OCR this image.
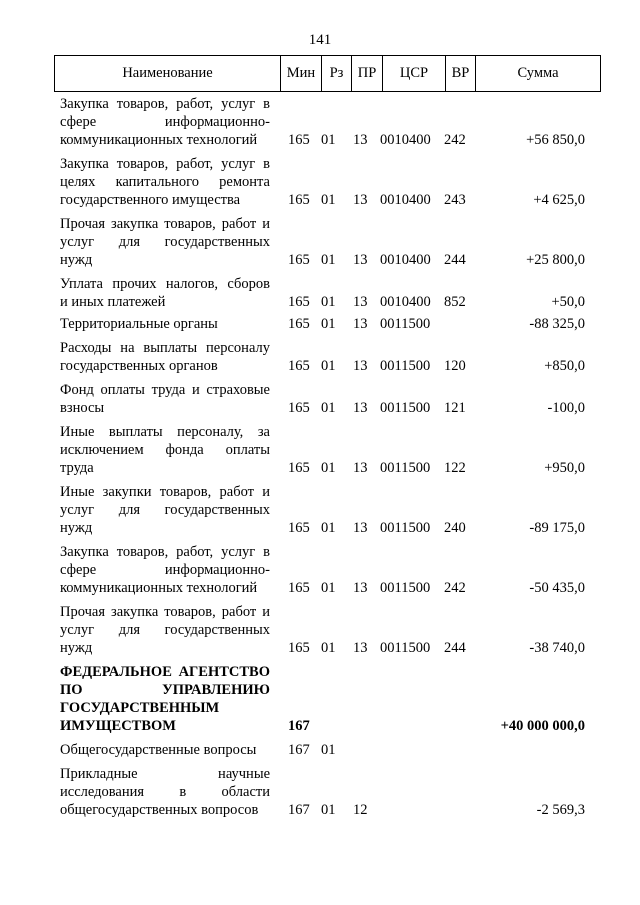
141
Наименование	Мин Рз ПР	ЦСР	ВР	Сумма
Закупка товаров, работ, услуг в
сфере информационно-
коммуникационных технологий	165 01 13 0010400 242	+56 850,0
Закупка товаров, работ, услуг в
целях капитального ремонта
государственного имущества	165 01 13 0010400 243	+4 625,0
Прочая закупка товаров, работ и
услуг для государственных
нужд	165 01 13 0010400 244	+25 800,0
Уплата прочих налогов, сборов
и иных платежей	165 01 13 0010400 852	+50,0
Территориальные органы	165 01 13 0011500	-88 325,0
Расходы на выплаты персоналу
государственных органов	165 01 13 0011500 120	+850,0
Фонд оплаты труда и страховые
взносы	165 01 13 0011500 121	-100,0
Иные выплаты персоналу, за
исключением фонда оплаты
труда	165 01 13 0011500 122	+950,0
Иные закупки товаров, работ и
услуг для государственных
нужд	165 01 13 0011500 240	-89 175,0
Закупка товаров, работ, услуг в
сфере информационно-
коммуникационных технологий	165 01 13 0011500 242	-50 435,0
Прочая закупка товаров, работ и
услуг для государственных
нужд	165 01 13 0011500 244	-38 740,0
ФЕДЕРАЛЬНОЕ АГЕНТСТВО
ПО УПРАВЛЕНИЮ
ГОСУДАРСТВЕННЫМ
ИМУЩЕСТВОМ	167	+40 000 000,0
Общегосударственные вопросы	167 01
Прикладные научные
исследования в области
общегосударственных вопросов	167 01 12	-2 569,3
